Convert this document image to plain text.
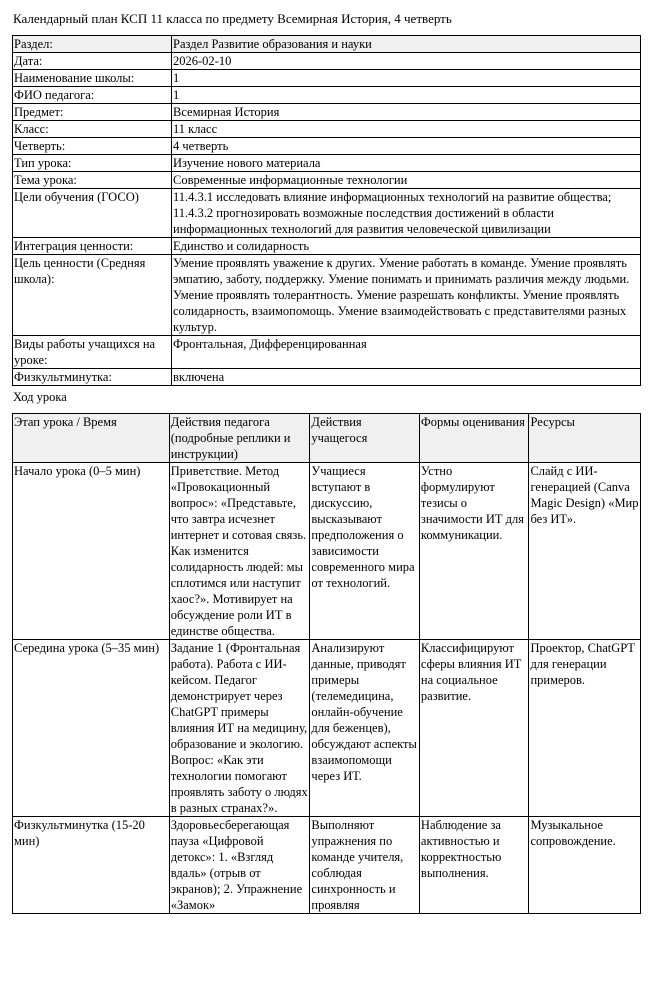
Календарный план КСП 11 класса по предмету Всемирная История, 4 четверть
Раздел:	Раздел Развитие образования и науки
Дата:	2026-02-10
Наименование школы:	1
ФИО педагога:	1
Предмет:	Всемирная История
Класс:	11 класс
Четверть:	4 четверть
Тип урока:	Изучение нового материала
Тема урока:	Современные информационные технологии
Цели обучения (ГОСО)	11.4.3.1 исследовать влияние информационных технологий на развитие общества; 11.4.3.2 прогнозировать возможные последствия достижений в области информационных технологий для развития человеческой цивилизации
Интеграция ценности:	Единство и солидарность
Цель ценности (Средняя школа):	Умение проявлять уважение к других. Умение работать в команде. Умение проявлять эмпатию, заботу, поддержку. Умение понимать и принимать различия между людьми. Умение проявлять толерантность. Умение разрешать конфликты. Умение проявлять солидарность, взаимопомощь. Умение взаимодействовать с представителями разных культур.
Виды работы учащихся на уроке:	Фронтальная, Дифференцированная
Физкультминутка:	включена
Ход урока
Этап урока / Время	Действия педагога (подробные реплики и инструкции)	Действия учащегося	Формы оценивания	Ресурсы

Начало урока (0–5 мин)	Приветствие. Метод «Провокационный вопрос»: «Представьте, что завтра исчезнет интернет и сотовая связь. Как изменится солидарность людей: мы сплотимся или наступит хаос?». Мотивирует на обсуждение роли ИТ в единстве общества.	Учащиеся вступают в дискуссию, высказывают предположения о зависимости современного мира от технологий.	Устно формулируют тезисы о значимости ИТ для коммуникации.	Слайд с ИИ-генерацией (Canva Magic Design) «Мир без ИТ».

Середина урока (5–35 мин)	Задание 1 (Фронтальная работа). Работа с ИИ-кейсом. Педагог демонстрирует через ChatGPT примеры влияния ИТ на медицину, образование и экологию. Вопрос: «Как эти технологии помогают проявлять заботу о людях в разных странах?».	Анализируют данные, приводят примеры (телемедицина, онлайн-обучение для беженцев), обсуждают аспекты взаимопомощи через ИТ.	Классифицируют сферы влияния ИТ на социальное развитие.	Проектор, ChatGPT для генерации примеров.

Физкультминутка (15-20 мин)	Здоровьесберегающая пауза «Цифровой детокс»: 1. «Взгляд вдаль» (отрыв от экранов); 2. Упражнение «Замок»	Выполняют упражнения по команде учителя, соблюдая синхронность и проявляя	Наблюдение за активностью и корректностью выполнения.	Музыкальное сопровождение.
